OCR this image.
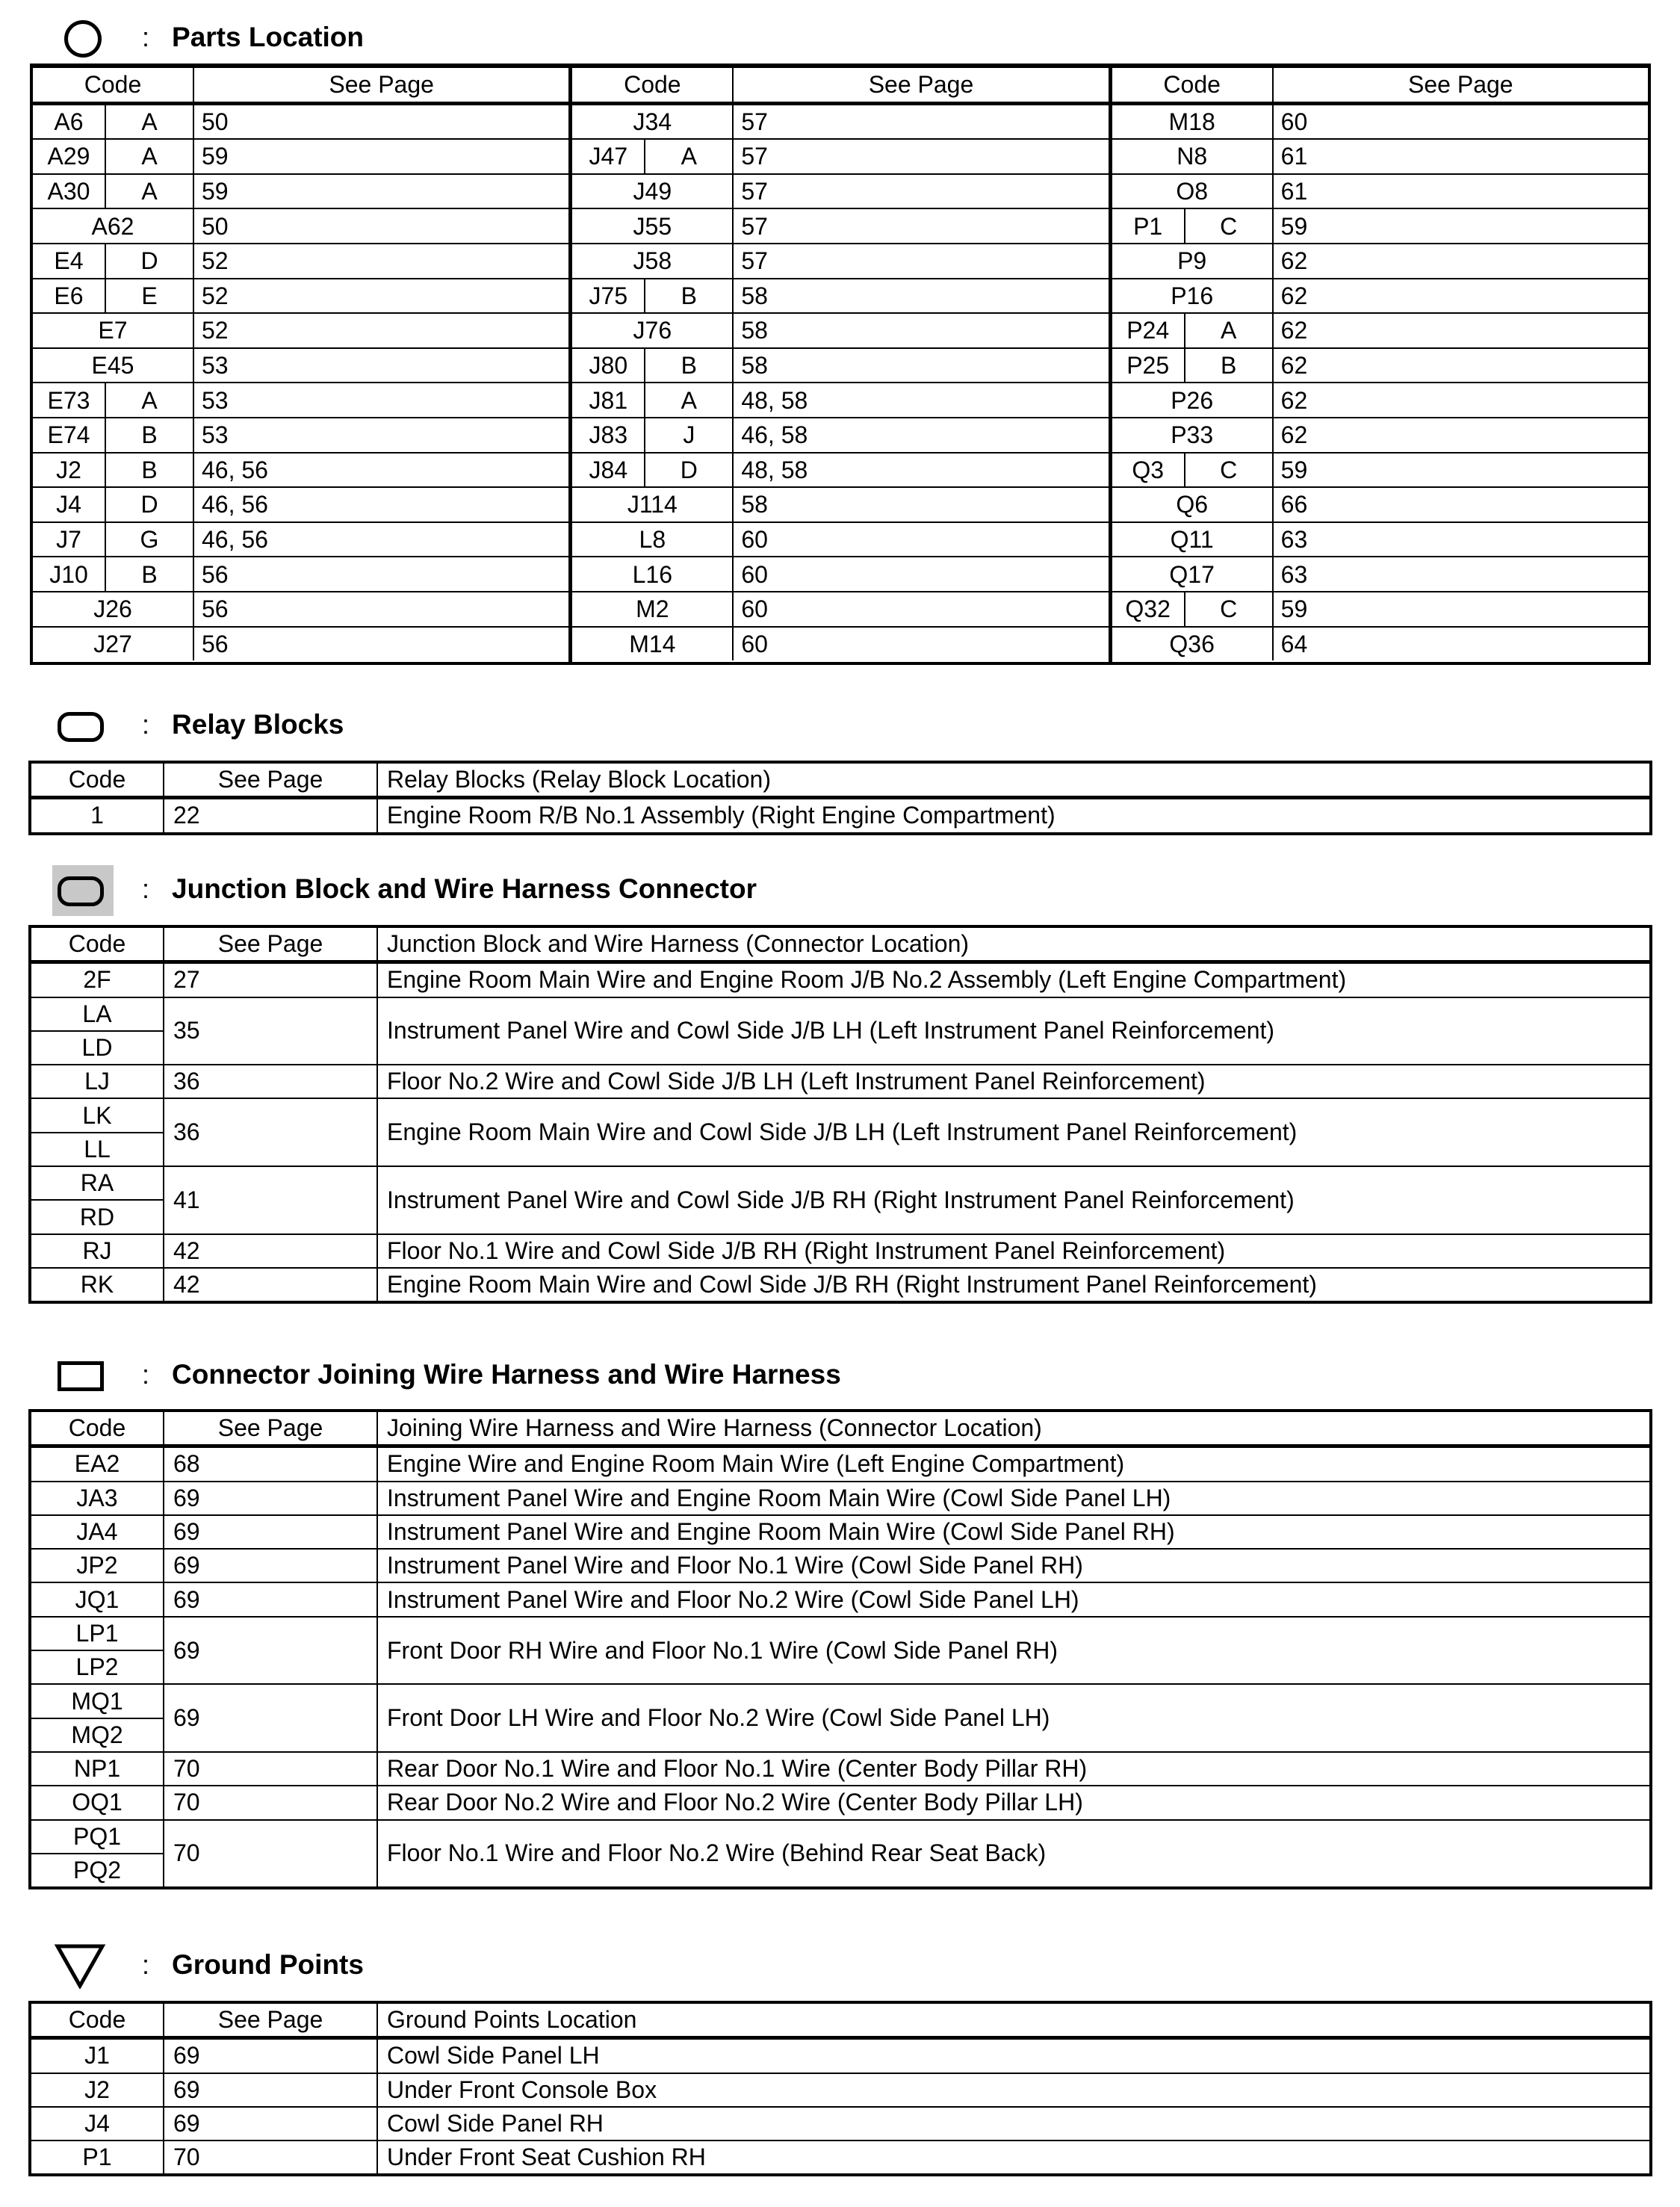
: Parts Location
Code		See Page
A6	A	50
A29	A	59
A30	A	59
A62		50
E4	D	52
E6	E	52
E7		52
E45		53
E73	A	53
E74	B	53
J2	B	46, 56
J4	D	46, 56
J7	G	46, 56
J10	B	56
J26		56
J27		56
Code		See Page
J34		57
J47	A	57
J49		57
J55		57
J58		57
J75	B	58
J76		58
J80	B	58
J81	A	48, 58
J83	J	46, 58
J84	D	48, 58
J114		58
L8		60
L16		60
M2		60
M14		60
Code		See Page
M18		60
N8		61
O8		61
P1	C	59
P9		62
P16		62
P24	A	62
P25	B	62
P26		62
P33		62
Q3	C	59
Q6		66
Q11		63
Q17		63
Q32	C	59
Q36		64
: Relay Blocks
Code	See Page	Relay Blocks (Relay Block Location)
1	22	Engine Room R/B No.1 Assembly (Right Engine Compartment)
: Junction Block and Wire Harness Connector
Code	See Page	Junction Block and Wire Harness (Connector Location)
2F	27	Engine Room Main Wire and Engine Room J/B No.2 Assembly (Left Engine Compartment)
LA	35	Instrument Panel Wire and Cowl Side J/B LH (Left Instrument Panel Reinforcement)
LD		
LJ	36	Floor No.2 Wire and Cowl Side J/B LH (Left Instrument Panel Reinforcement)
LK	36	Engine Room Main Wire and Cowl Side J/B LH (Left Instrument Panel Reinforcement)
LL		
RA	41	Instrument Panel Wire and Cowl Side J/B RH (Right Instrument Panel Reinforcement)
RD		
RJ	42	Floor No.1 Wire and Cowl Side J/B RH (Right Instrument Panel Reinforcement)
RK	42	Engine Room Main Wire and Cowl Side J/B RH (Right Instrument Panel Reinforcement)
: Connector Joining Wire Harness and Wire Harness
Code	See Page	Joining Wire Harness and Wire Harness (Connector Location)
EA2	68	Engine Wire and Engine Room Main Wire (Left Engine Compartment)
JA3	69	Instrument Panel Wire and Engine Room Main Wire (Cowl Side Panel LH)
JA4	69	Instrument Panel Wire and Engine Room Main Wire (Cowl Side Panel RH)
JP2	69	Instrument Panel Wire and Floor No.1 Wire (Cowl Side Panel RH)
JQ1	69	Instrument Panel Wire and Floor No.2 Wire (Cowl Side Panel LH)
LP1	69	Front Door RH Wire and Floor No.1 Wire (Cowl Side Panel RH)
LP2		
MQ1	69	Front Door LH Wire and Floor No.2 Wire (Cowl Side Panel LH)
MQ2		
NP1	70	Rear Door No.1 Wire and Floor No.1 Wire (Center Body Pillar RH)
OQ1	70	Rear Door No.2 Wire and Floor No.2 Wire (Center Body Pillar LH)
PQ1	70	Floor No.1 Wire and Floor No.2 Wire (Behind Rear Seat Back)
PQ2		
: Ground Points
Code	See Page	Ground Points Location
J1	69	Cowl Side Panel LH
J2	69	Under Front Console Box
J4	69	Cowl Side Panel RH
P1	70	Under Front Seat Cushion RH
